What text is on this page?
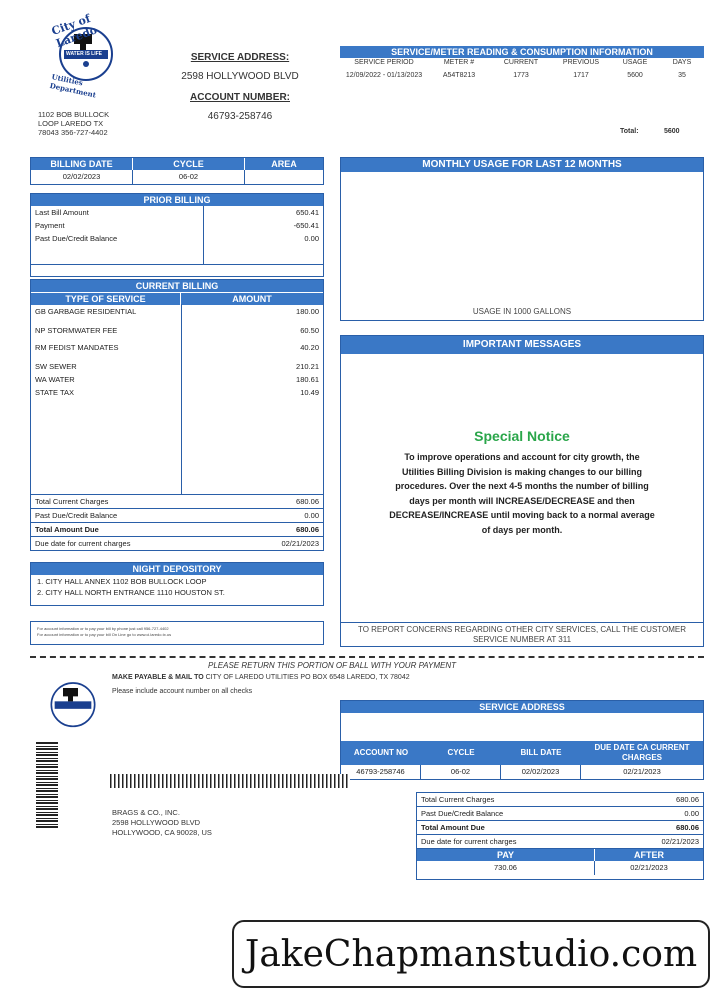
City of Laredo
WATER IS LIFE
Utilities Department
1102 BOB BULLOCK
LOOP LAREDO TX
78043 356-727-4402
SERVICE ADDRESS:
2598 HOLLYWOOD BLVD
ACCOUNT NUMBER:
46793-258746
SERVICE/METER READING & CONSUMPTION INFORMATION
SERVICE PERIOD	METER #	CURRENT	PREVIOUS	USAGE	DAYS
12/09/2022 - 01/13/2023	A54T8213	1773	1717	5600	35
Total:	5600
BILLING DATE	CYCLE	AREA
02/02/2023	06-02
PRIOR BILLING
Last Bill Amount	650.41
Payment	-650.41
Past Due/Credit Balance	0.00
CURRENT BILLING
TYPE OF SERVICE	AMOUNT
GB GARBAGE RESIDENTIAL	180.00
NP STORMWATER FEE	60.50
RM FEDIST MANDATES	40.20
SW SEWER	210.21
WA WATER	180.61
STATE TAX	10.49
Total Current Charges	680.06
Past Due/Credit Balance	0.00
Total Amount Due	680.06
Due date for current charges	02/21/2023
NIGHT DEPOSITORY
1. CITY HALL ANNEX 1102 BOB BULLOCK LOOP
2. CITY HALL NORTH ENTRANCE 1110 HOUSTON ST.
For account information or to pay your bill by phone just call 956-727-4402
For account information or to pay your bill On Line go to www.ci.laredo.tx.us
MONTHLY USAGE FOR LAST 12 MONTHS
USAGE IN 1000 GALLONS
IMPORTANT MESSAGES
Special Notice
To improve operations and account for city growth, the Utilities Billing Division is making changes to our billing procedures. Over the next 4-5 months the number of billing days per month will INCREASE/DECREASE and then DECREASE/INCREASE until moving back to a normal average of days per month.
TO REPORT CONCERNS REGARDING OTHER CITY SERVICES, CALL THE CUSTOMER SERVICE NUMBER AT 311
PLEASE RETURN THIS PORTION OF BALL WITH YOUR PAYMENT
MAKE PAYABLE & MAIL TO CITY OF LAREDO UTILITIES PO BOX 6548 LAREDO, TX 78042
Please include account number on all checks
SERVICE ADDRESS
ACCOUNT NO	CYCLE	BILL DATE
DUE DATE CA CURRENT CHARGES
46793-258746	06-02	02/02/2023	02/21/2023
BRAGS & CO., INC.
2598 HOLLYWOOD BLVD
HOLLYWOOD, CA 90028, US
Total Current Charges	680.06
Past Due/Credit Balance	0.00
Total Amount Due	680.06
Due date for current charges	02/21/2023
PAY	AFTER
730.06	02/21/2023
JakeChapmanstudio.com
